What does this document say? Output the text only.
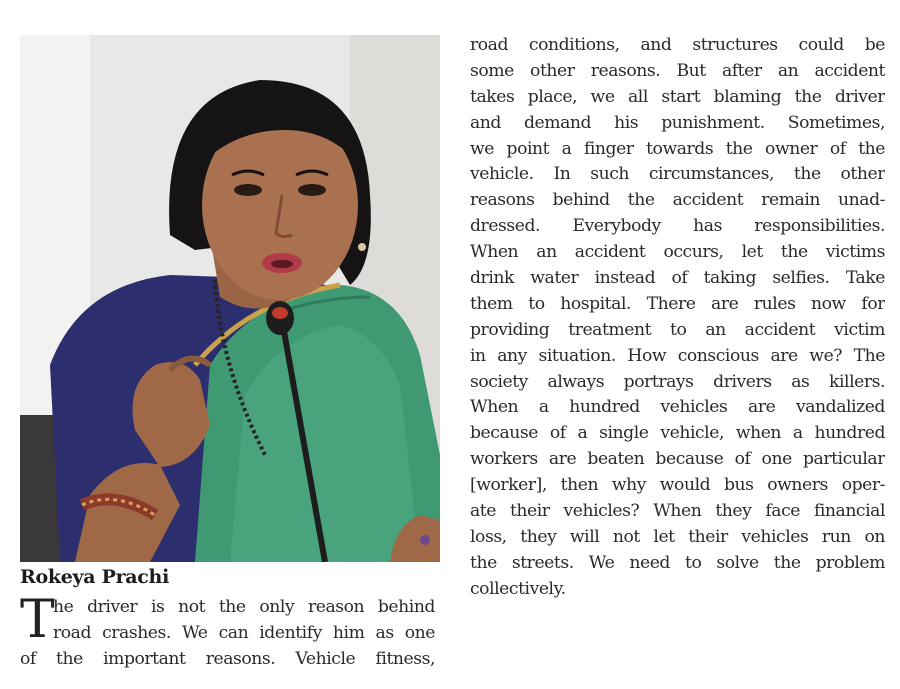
Rokeya Prachi
T
he driver is not the only reason behind
road crashes. We can identify him as one
of the important reasons. Vehicle fitness,
road conditions, and structures could be
some other reasons. But after an accident
takes place, we all start blaming the driver
and demand his punishment. Sometimes,
we point a finger towards the owner of the
vehicle. In such circumstances, the other
reasons behind the accident remain unad-
dressed. Everybody has responsibilities.
When an accident occurs, let the victims
drink water instead of taking selfies. Take
them to hospital. There are rules now for
providing treatment to an accident victim
in any situation. How conscious are we? The
society always portrays drivers as killers.
When a hundred vehicles are vandalized
because of a single vehicle, when a hundred
workers are beaten because of one particular
[worker], then why would bus owners oper-
ate their vehicles? When they face financial
loss, they will not let their vehicles run on
the streets. We need to solve the problem
collectively.
